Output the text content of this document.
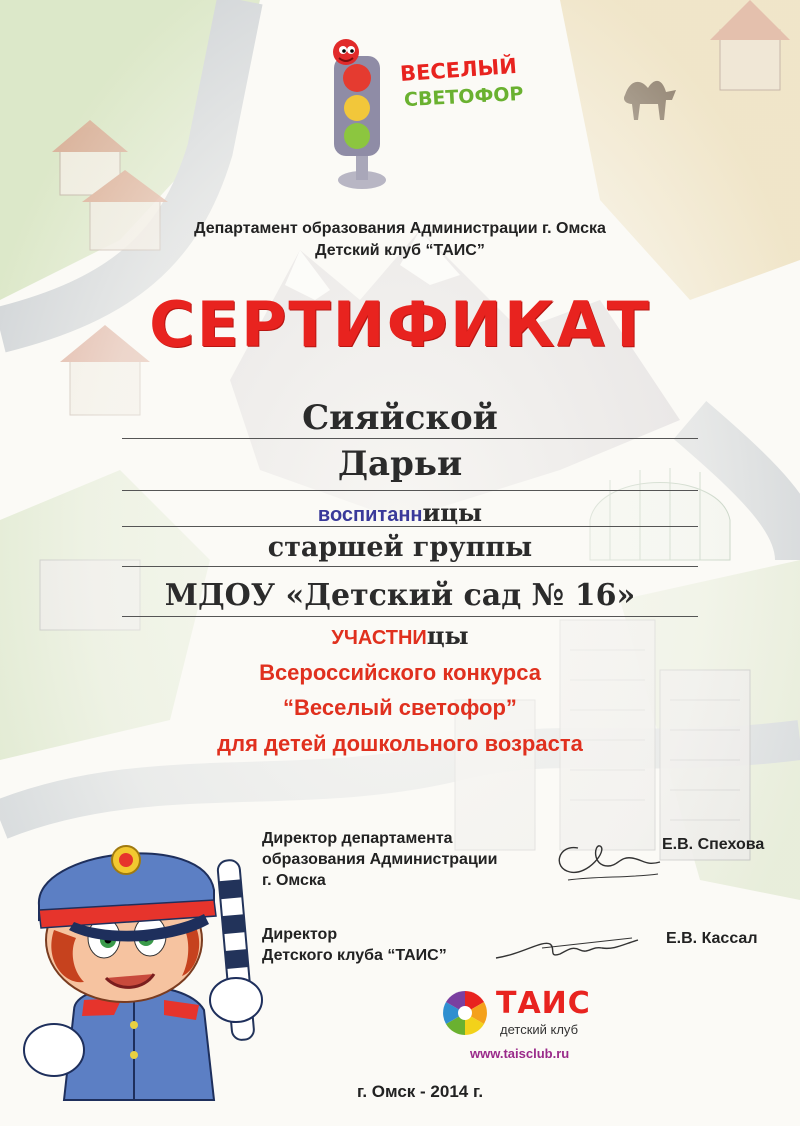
ВЕСЕЛЫЙ
СВЕТОФОР
Департамент образования Администрации г. Омска
Детский клуб “ТАИС”
СЕРТИФИКАТ
Сияйской
Дарьи
воспитанницы
старшей группы
МДОУ «Детский сад № 16»
УЧАСТНИцы
Всероссийского конкурса
“Веселый светофор”
для детей дошкольного возраста
Директор департамента
образования Администрации
г. Омска
Е.В. Спехова
Директор
Детского клуба “ТАИС”
Е.В. Кассал
ТАИС
детский клуб
www.taisclub.ru
г. Омск - 2014 г.
